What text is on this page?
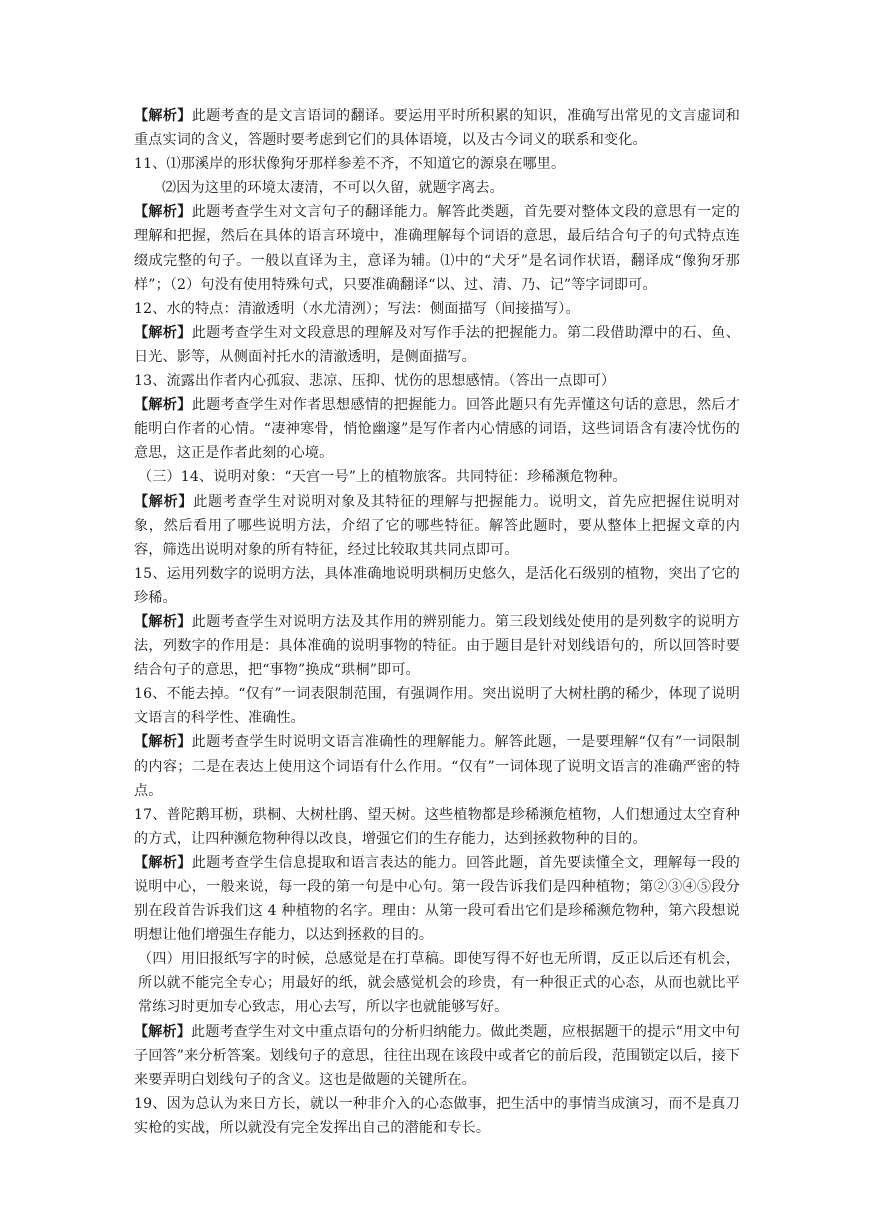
【解析】此题考查的是文言语词的翻译。要运用平时所积累的知识，准确写出常见的文言虚词和重点实词的含义，答题时要考虑到它们的具体语境，以及古今词义的联系和变化。

11、⑴那溪岸的形状像狗牙那样参差不齐，不知道它的源泉在哪里。

⑵因为这里的环境太凄清，不可以久留，就题字离去。

【解析】此题考查学生对文言句子的翻译能力。解答此类题，首先要对整体文段的意思有一定的理解和把握，然后在具体的语言环境中，准确理解每个词语的意思，最后结合句子的句式特点连缀成完整的句子。一般以直译为主，意译为辅。⑴中的“犬牙”是名词作状语，翻译成“像狗牙那样”；（2）句没有使用特殊句式，只要准确翻译“以、过、清、乃、记”等字词即可。

12、水的特点：清澈透明（水尤清洌）；写法：侧面描写（间接描写）。

【解析】此题考查学生对文段意思的理解及对写作手法的把握能力。第二段借助潭中的石、鱼、日光、影等，从侧面衬托水的清澈透明，是侧面描写。

13、流露出作者内心孤寂、悲凉、压抑、忧伤的思想感情。（答出一点即可）

【解析】此题考查学生对作者思想感情的把握能力。回答此题只有先弄懂这句话的意思，然后才能明白作者的心情。“凄神寒骨，悄怆幽邃”是写作者内心情感的词语，这些词语含有凄冷忧伤的意思，这正是作者此刻的心境。

（三）14、说明对象：“天宫一号”上的植物旅客。共同特征：珍稀濒危物种。

【解析】此题考查学生对说明对象及其特征的理解与把握能力。说明文，首先应把握住说明对象，然后看用了哪些说明方法，介绍了它的哪些特征。解答此题时，要从整体上把握文章的内容，筛选出说明对象的所有特征，经过比较取其共同点即可。

15、运用列数字的说明方法，具体准确地说明珙桐历史悠久，是活化石级别的植物，突出了它的珍稀。

【解析】此题考查学生对说明方法及其作用的辨别能力。第三段划线处使用的是列数字的说明方法，列数字的作用是：具体准确的说明事物的特征。由于题目是针对划线语句的，所以回答时要结合句子的意思，把“事物”换成“珙桐”即可。

16、不能去掉。“仅有”一词表限制范围，有强调作用。突出说明了大树杜鹃的稀少，体现了说明文语言的科学性、准确性。

【解析】此题考查学生时说明文语言准确性的理解能力。解答此题，一是要理解“仅有”一词限制的内容；二是在表达上使用这个词语有什么作用。“仅有”一词体现了说明文语言的准确严密的特点。

17、普陀鹅耳枥，珙桐、大树杜鹃、望天树。这些植物都是珍稀濒危植物，人们想通过太空育种的方式，让四种濒危物种得以改良，增强它们的生存能力，达到拯救物种的目的。

【解析】此题考查学生信息提取和语言表达的能力。回答此题，首先要读懂全文，理解每一段的说明中心，一般来说，每一段的第一句是中心句。第一段告诉我们是四种植物；第②③④⑤段分别在段首告诉我们这 4 种植物的名字。理由：从第一段可看出它们是珍稀濒危物种，第六段想说明想让他们增强生存能力，以达到拯救的目的。

（四）用旧报纸写字的时候，总感觉是在打草稿。即使写得不好也无所谓，反正以后还有机会，所以就不能完全专心；用最好的纸，就会感觉机会的珍贵，有一种很正式的心态，从而也就比平常练习时更加专心致志，用心去写，所以字也就能够写好。

【解析】此题考查学生对文中重点语句的分析归纳能力。做此类题，应根据题干的提示“用文中句子回答”来分析答案。划线句子的意思，往往出现在该段中或者它的前后段，范围锁定以后，接下来要弄明白划线句子的含义。这也是做题的关键所在。

19、因为总认为来日方长，就以一种非介入的心态做事，把生活中的事情当成演习，而不是真刀实枪的实战，所以就没有完全发挥出自己的潜能和专长。
